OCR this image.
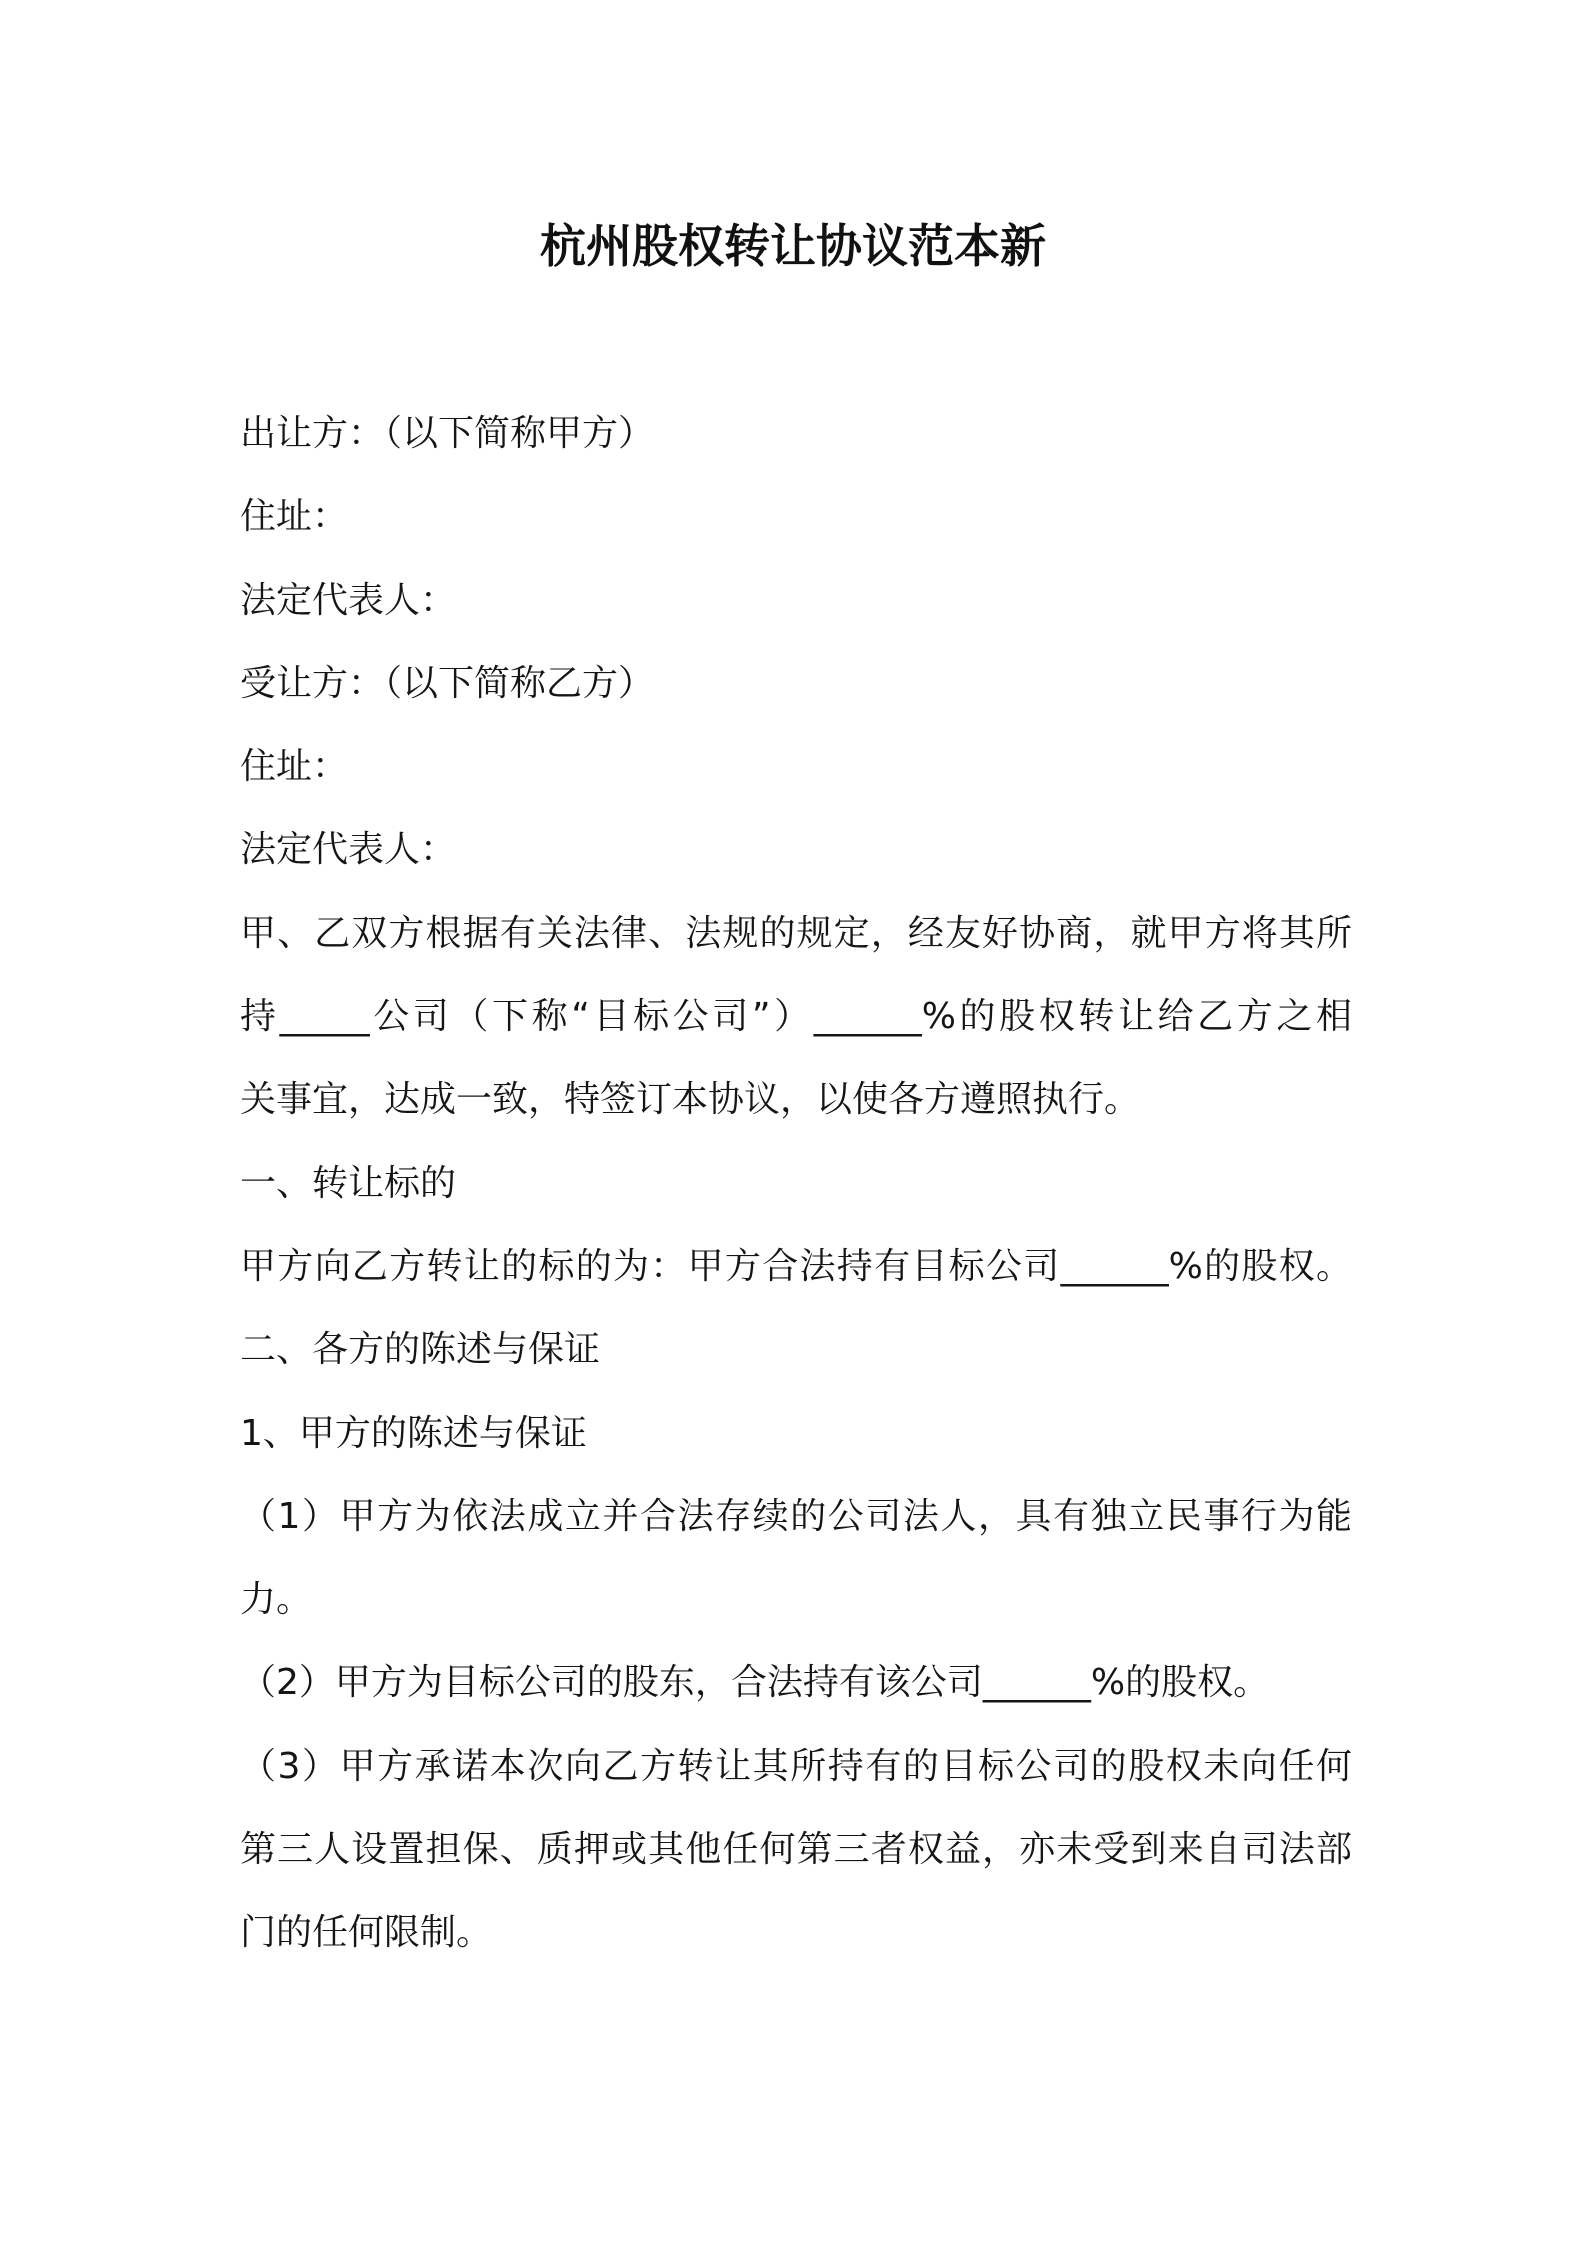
杭州股权转让协议范本新
出让方：（以下简称甲方）
住址：
法定代表人：
受让方：（以下简称乙方）
住址：
法定代表人：
甲、乙双方根据有关法律、法规的规定，经友好协商，就甲方将其所
持_____公司（下称“目标公司”）______%的股权转让给乙方之相
关事宜，达成一致，特签订本协议，以使各方遵照执行。
一、转让标的
甲方向乙方转让的标的为：甲方合法持有目标公司______%的股权。
二、各方的陈述与保证
1、甲方的陈述与保证
（1）甲方为依法成立并合法存续的公司法人，具有独立民事行为能
力。
（2）甲方为目标公司的股东，合法持有该公司______%的股权。
（3）甲方承诺本次向乙方转让其所持有的目标公司的股权未向任何
第三人设置担保、质押或其他任何第三者权益，亦未受到来自司法部
门的任何限制。
